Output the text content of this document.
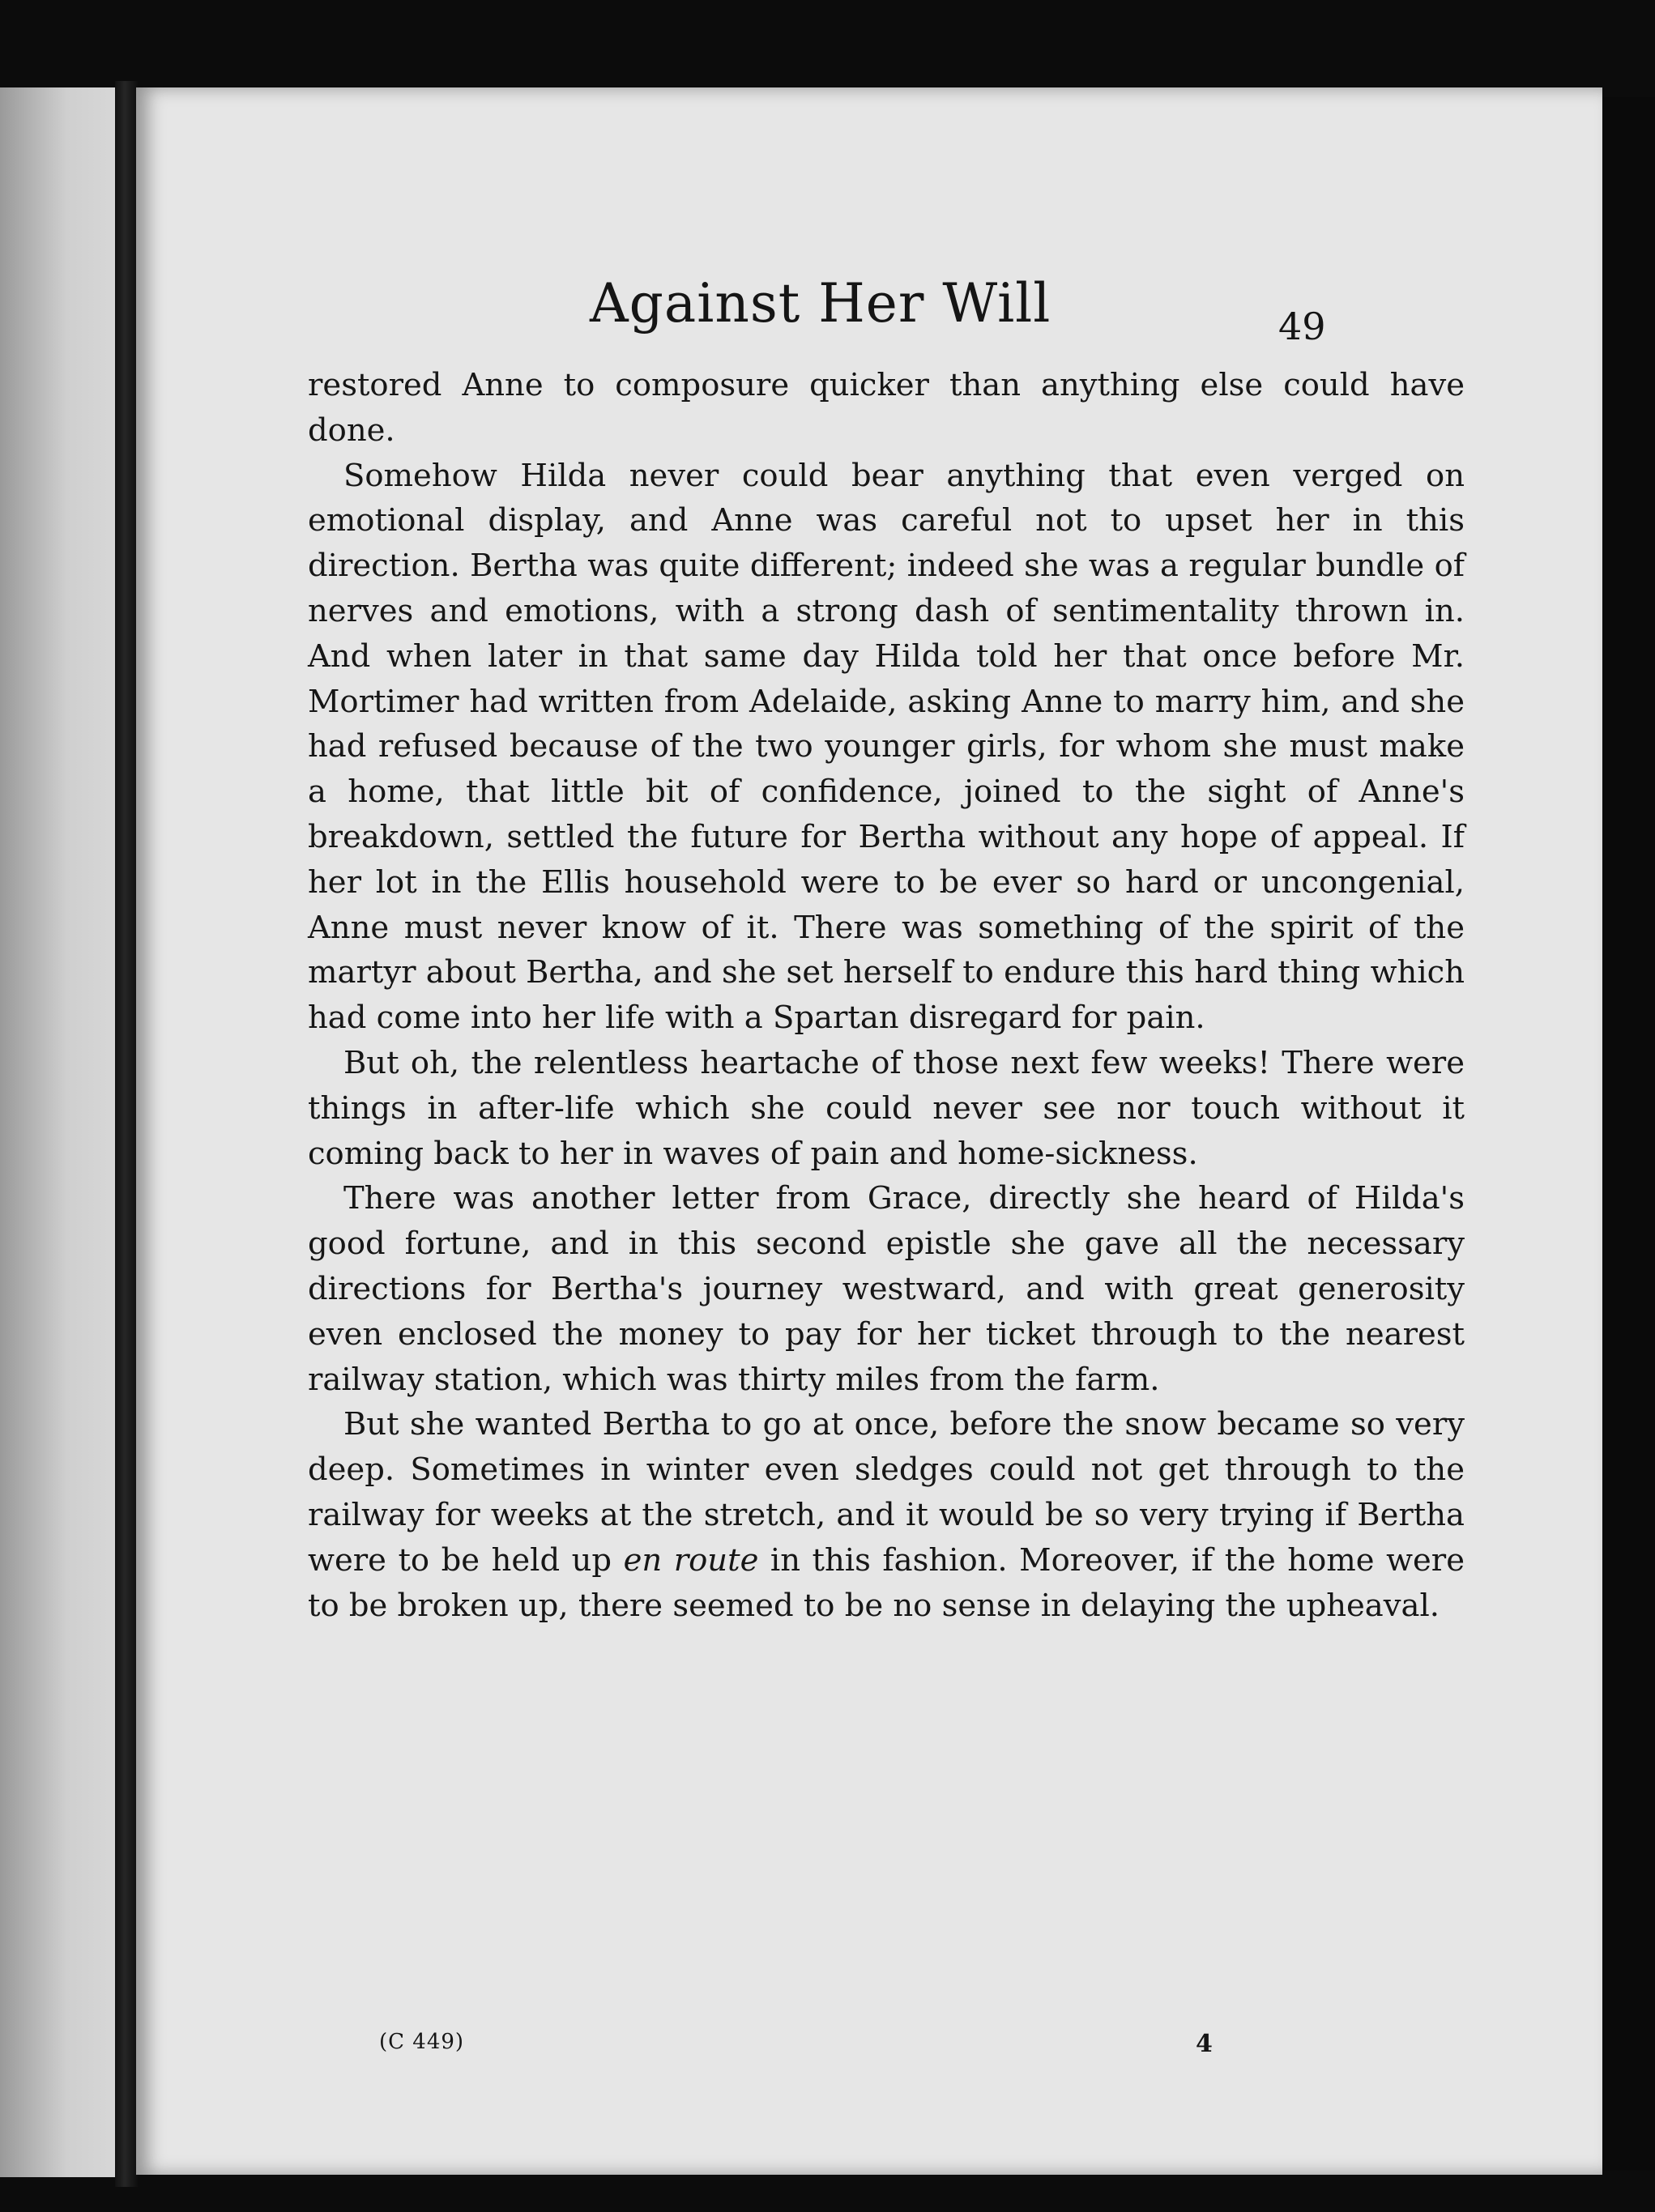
Against Her Will	49

restored Anne to composure quicker than anything else could have done.

Somehow Hilda never could bear anything that even verged on emotional display, and Anne was careful not to upset her in this direction. Bertha was quite different; indeed she was a regular bundle of nerves and emotions, with a strong dash of sentimentality thrown in. And when later in that same day Hilda told her that once before Mr. Mortimer had written from Adelaide, asking Anne to marry him, and she had refused because of the two younger girls, for whom she must make a home, that little bit of confidence, joined to the sight of Anne's breakdown, settled the future for Bertha without any hope of appeal. If her lot in the Ellis household were to be ever so hard or uncongenial, Anne must never know of it. There was something of the spirit of the martyr about Bertha, and she set herself to endure this hard thing which had come into her life with a Spartan disregard for pain.

But oh, the relentless heartache of those next few weeks! There were things in after-life which she could never see nor touch without it coming back to her in waves of pain and home-sickness.

There was another letter from Grace, directly she heard of Hilda's good fortune, and in this second epistle she gave all the necessary directions for Bertha's journey westward, and with great generosity even enclosed the money to pay for her ticket through to the nearest railway station, which was thirty miles from the farm.

But she wanted Bertha to go at once, before the snow became so very deep. Sometimes in winter even sledges could not get through to the railway for weeks at the stretch, and it would be so very trying if Bertha were to be held up en route in this fashion. Moreover, if the home were to be broken up, there seemed to be no sense in delaying the upheaval.

(C 449)	4
